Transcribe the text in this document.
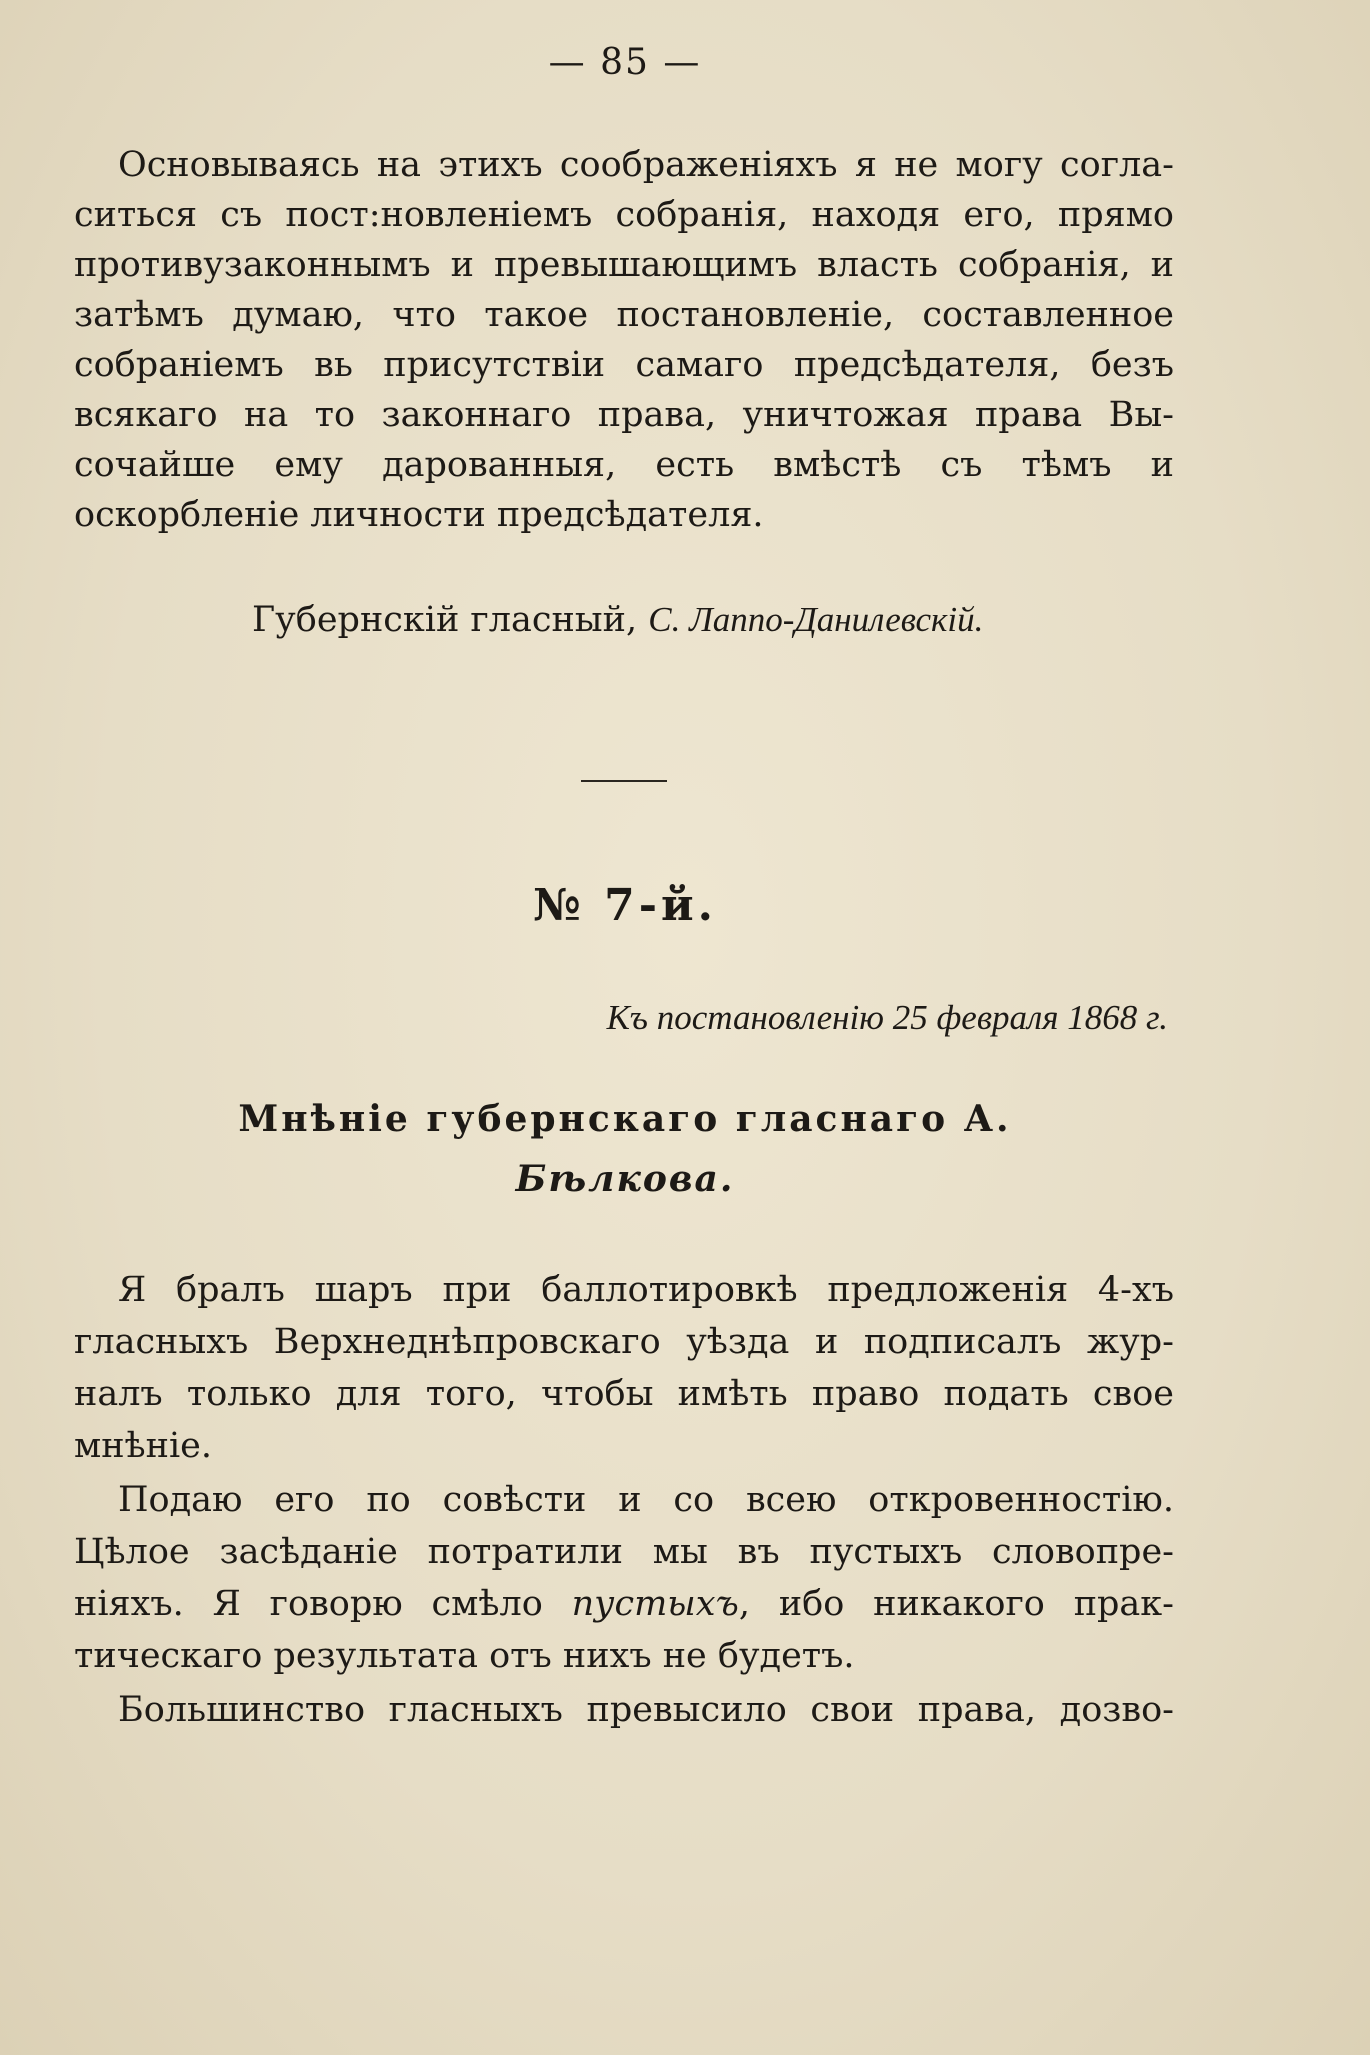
— 85 —
Основываясь на этихъ соображеніяхъ я не могу согла-
ситься съ пост:новленіемъ собранія, находя его, прямо
противузаконнымъ и превышающимъ власть собранія, и
затѣмъ думаю, что такое постановленіе, составленное
собраніемъ вь присутствіи самаго предсѣдателя, безъ
всякаго на то законнаго права, уничтожая права Вы-
сочайше ему дарованныя, есть вмѣстѣ съ тѣмъ и
оскорбленіе личности предсѣдателя.
Губернскій гласный, С. Лаппо-Данилевскій.
№ 7-й.
Къ постановленію 25 февраля 1868 г.
Мнѣніе губернскаго гласнаго А.
Бѣлкова.
Я бралъ шаръ при баллотировкѣ предложенія 4-хъ
гласныхъ Верхнеднѣпровскаго уѣзда и подписалъ жур-
налъ только для того, чтобы имѣть право подать свое
мнѣніе.
Подаю его по совѣсти и со всею откровенностію.
Цѣлое засѣданіе потратили мы въ пустыхъ словопре-
ніяхъ. Я говорю смѣло пустыхъ, ибо никакого прак-
тическаго результата отъ нихъ не будетъ.
Большинство гласныхъ превысило свои права, дозво-
